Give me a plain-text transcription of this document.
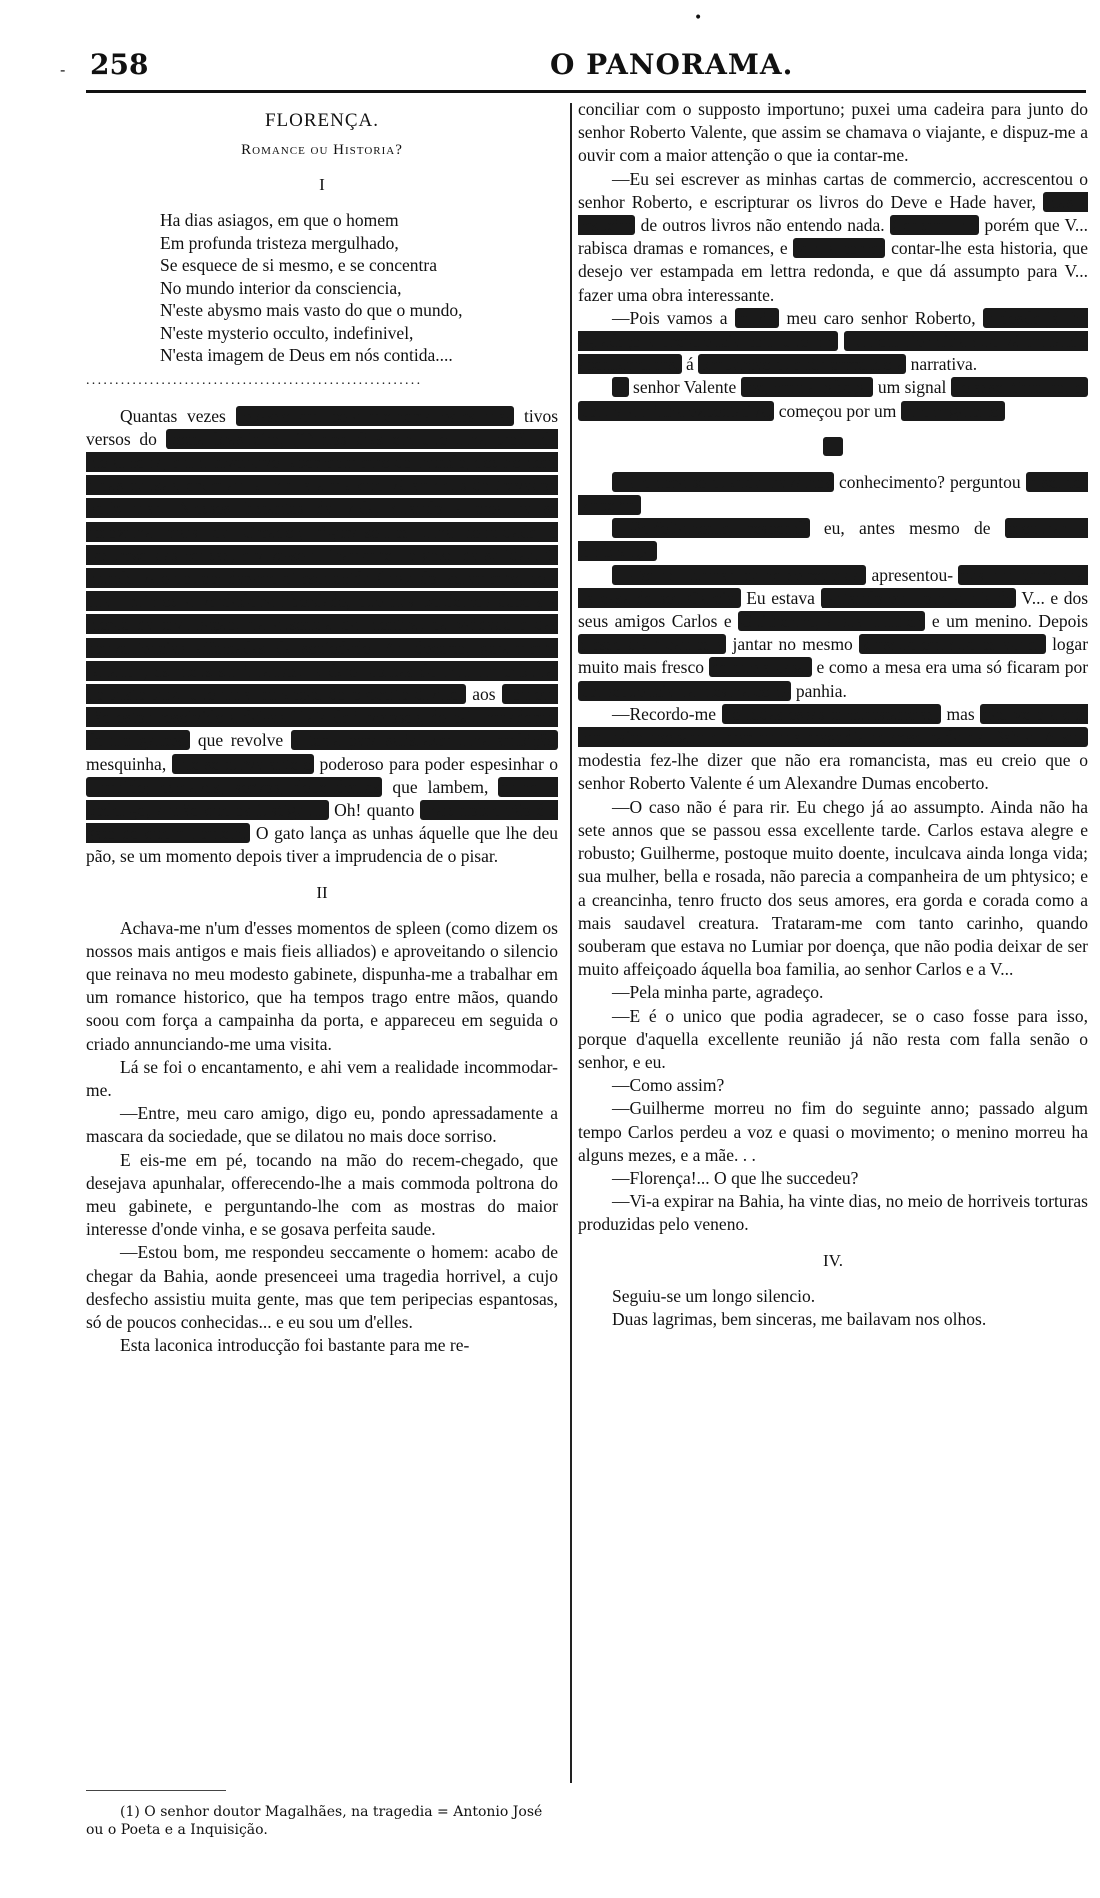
•
- 258	O PANORAMA.
FLORENÇA.
Romance ou Historia?
I
Ha dias asiagos, em que o homem
Em profunda tristeza mergulhado,
Se esquece de si mesmo, e se concentra
No mundo interior da consciencia,
N'este abysmo mais vasto do que o mundo,
N'este mysterio occulto, indefinivel,
N'esta imagem de Deus em nós contida....
..........................................................

Quantas vezes repasso em pela memoria estes ma- tivos versos do poeta brasileiro, (1) nos dias em que uma profunda melancolia, e um invencivel aborrecimento do mundo, dos homens e das cousas, ordenam a minha alma que vá ao deus do trevador. Feliz mar! N'esses instantes da vida, quando a creatura se aproxima mais do Creador, figura-se-nos uma felicidade o desprezo das cousas, e vive-se unicamente no gozo da solidão. O mundo vale pouco; dar-me-ei esquecido á paz do isolamento, pela qual fruimos a verdadeira liberdade, que nos perdemos depois a mercê da civilisação, na ausencia da mentira, da vaidade e das conveniencias affectadas da sociedade. Ah decerto, geralmente fallando, os meus similhantes! E darei contas de mim no tribunal do Justo Juiz, que uma infracção do preceito divino; aos homens não estou resolvido a dal-as. Haja de invejosos, de calumniadores, de intrigantes, que revolve a terra para satisfazer uma ambição mesquinha, que se curva ante o poderoso para poder espesinhar o humilde; escravos, servos, dependentes que lambem, como o podengo, a mão que os fustigou... Oh! quanto mais nobre não é o gato do que o homem! O gato lança as unhas áquelle que lhe deu pão, se um momento depois tiver a imprudencia de o pisar.

II

Achava-me n'um d'esses momentos de spleen (como dizem os nossos mais antigos e mais fieis alliados) e aproveitando o silencio que reinava no meu modesto gabinete, dispunha-me a trabalhar em um romance historico, que ha tempos trago entre mãos, quando soou com força a campainha da porta, e appareceu em seguida o criado annunciando-me uma visita.

Lá se foi o encantamento, e ahi vem a realidade incommodar-me.

—Entre, meu caro amigo, digo eu, pondo apressadamente a mascara da sociedade, que se dilatou no mais doce sorriso.

E eis-me em pé, tocando na mão do recem-chegado, que desejava apunhalar, offerecendo-lhe a mais commoda poltrona do meu gabinete, e perguntando-lhe com as mostras do maior interesse d'onde vinha, e se gosava perfeita saude.

—Estou bom, me respondeu seccamente o homem: acabo de chegar da Bahia, aonde presenceei uma tragedia horrivel, a cujo desfecho assistiu muita gente, mas que tem peripecias espantosas, só de poucos conhecidas... e eu sou um d'elles.

Esta laconica introducção foi bastante para me re-

(1) O senhor doutor Magalhães, na tragedia = Antonio José ou o Poeta e a Inquisição.

conciliar com o supposto importuno; puxei uma cadeira para junto do senhor Roberto Valente, que assim se chamava o viajante, e dispuz-me a ouvir com a maior attenção o que ia contar-me.

—Eu sei escrever as minhas cartas de commercio, accrescentou o senhor Roberto, e escripturar os livros do Deve e Hade haver, mas a respeito de outros livros não entendo nada. Constou-me porém que V... rabisca dramas e romances, e vim a correr contar-lhe esta historia, que desejo ver estampada em lettra redonda, e que dá assumpto para V... fazer uma obra interessante.

—Pois vamos a ouvir, meu caro senhor Roberto, e desde já lhe agradeço a preferencia com que me honrou. Permitta que vá tomando apontamentos, á proporção que fôr correndo a narrativa.

O senhor Valente fez, com a cabeça, um signal de assentimento, e, contra a minha expectativa, começou por um interrogatorio.

III

—Lembra-se quando travámos conhecimento? perguntou o senhor Roberto.

—Perfeitamente, respondi eu, antes mesmo de procurar a lembrança.

—Foi no Lumiar, como se recorda, apresentou- nos, um certo dia, na casa do seu Garcia. Eu estava jantando em companhia de V... e dos seus amigos Carlos e Guilherme, a sua mulher, e um menino. Depois d'esse dia ficámos a jantar no mesmo kiosque em que os achei, logar muito mais fresco do que a casa, e como a mesa era uma só ficaram por consequencia na mesma com- panhia.

—Recordo-me de todas essas circumstancias, mas não vejo a que proposito possam entrar n'uma tragedia representada na Bahia. A sua modestia fez-lhe dizer que não era romancista, mas eu creio que o senhor Roberto Valente é um Alexandre Dumas encoberto.

—O caso não é para rir. Eu chego já ao assumpto. Ainda não ha sete annos que se passou essa excellente tarde. Carlos estava alegre e robusto; Guilherme, postoque muito doente, inculcava ainda longa vida; sua mulher, bella e rosada, não parecia a companheira de um phtysico; e a creancinha, tenro fructo dos seus amores, era gorda e corada como a mais saudavel creatura. Trataram-me com tanto carinho, quando souberam que estava no Lumiar por doença, que não podia deixar de ser muito affeiçoado áquella boa familia, ao senhor Carlos e a V...

—Pela minha parte, agradeço.

—E é o unico que podia agradecer, se o caso fosse para isso, porque d'aquella excellente reunião já não resta com falla senão o senhor, e eu.

—Como assim?

—Guilherme morreu no fim do seguinte anno; passado algum tempo Carlos perdeu a voz e quasi o movimento; o menino morreu ha alguns mezes, e a mãe. . .

—Florença!... O que lhe succedeu?

—Vi-a expirar na Bahia, ha vinte dias, no meio de horriveis torturas produzidas pelo veneno.

IV.

Seguiu-se um longo silencio.

Duas lagrimas, bem sinceras, me bailavam nos olhos.
